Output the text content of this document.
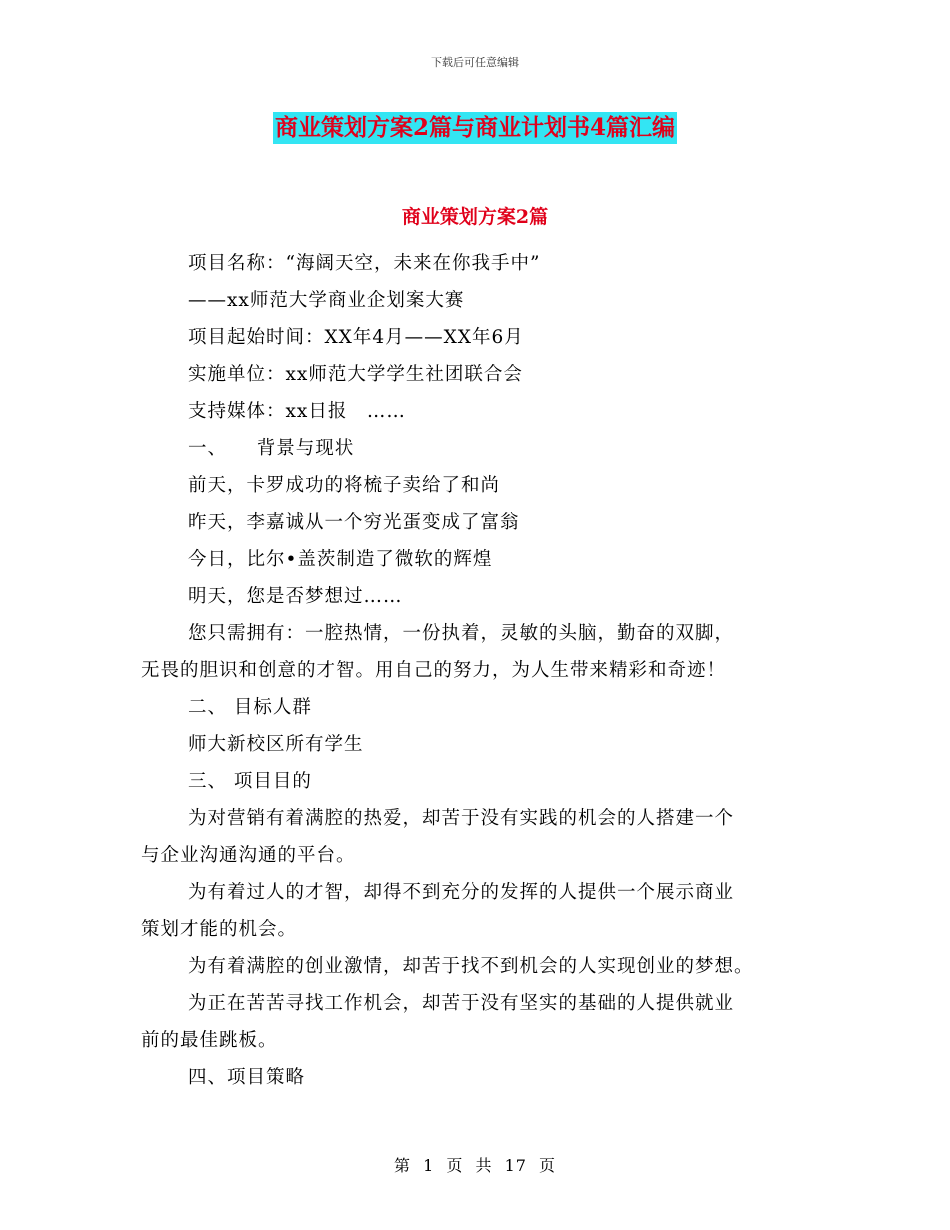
下载后可任意编辑
商业策划方案2篇与商业计划书4篇汇编
商业策划方案2篇
项目名称：“海阔天空，未来在你我手中”
——xx师范大学商业企划案大赛
项目起始时间：XX年4月——XX年6月
实施单位：xx师范大学学生社团联合会
支持媒体：xx日报　……
一、　　背景与现状
前天，卡罗成功的将梳子卖给了和尚
昨天，李嘉诚从一个穷光蛋变成了富翁
今日，比尔•盖茨制造了微软的辉煌
明天，您是否梦想过……
您只需拥有：一腔热情，一份执着，灵敏的头脑，勤奋的双脚，
无畏的胆识和创意的才智。用自己的努力，为人生带来精彩和奇迹！
二、 目标人群
师大新校区所有学生
三、 项目目的
为对营销有着满腔的热爱，却苦于没有实践的机会的人搭建一个
与企业沟通沟通的平台。
为有着过人的才智，却得不到充分的发挥的人提供一个展示商业
策划才能的机会。
为有着满腔的创业激情，却苦于找不到机会的人实现创业的梦想。
为正在苦苦寻找工作机会，却苦于没有坚实的基础的人提供就业
前的最佳跳板。
四、项目策略
第 1 页 共 17 页
